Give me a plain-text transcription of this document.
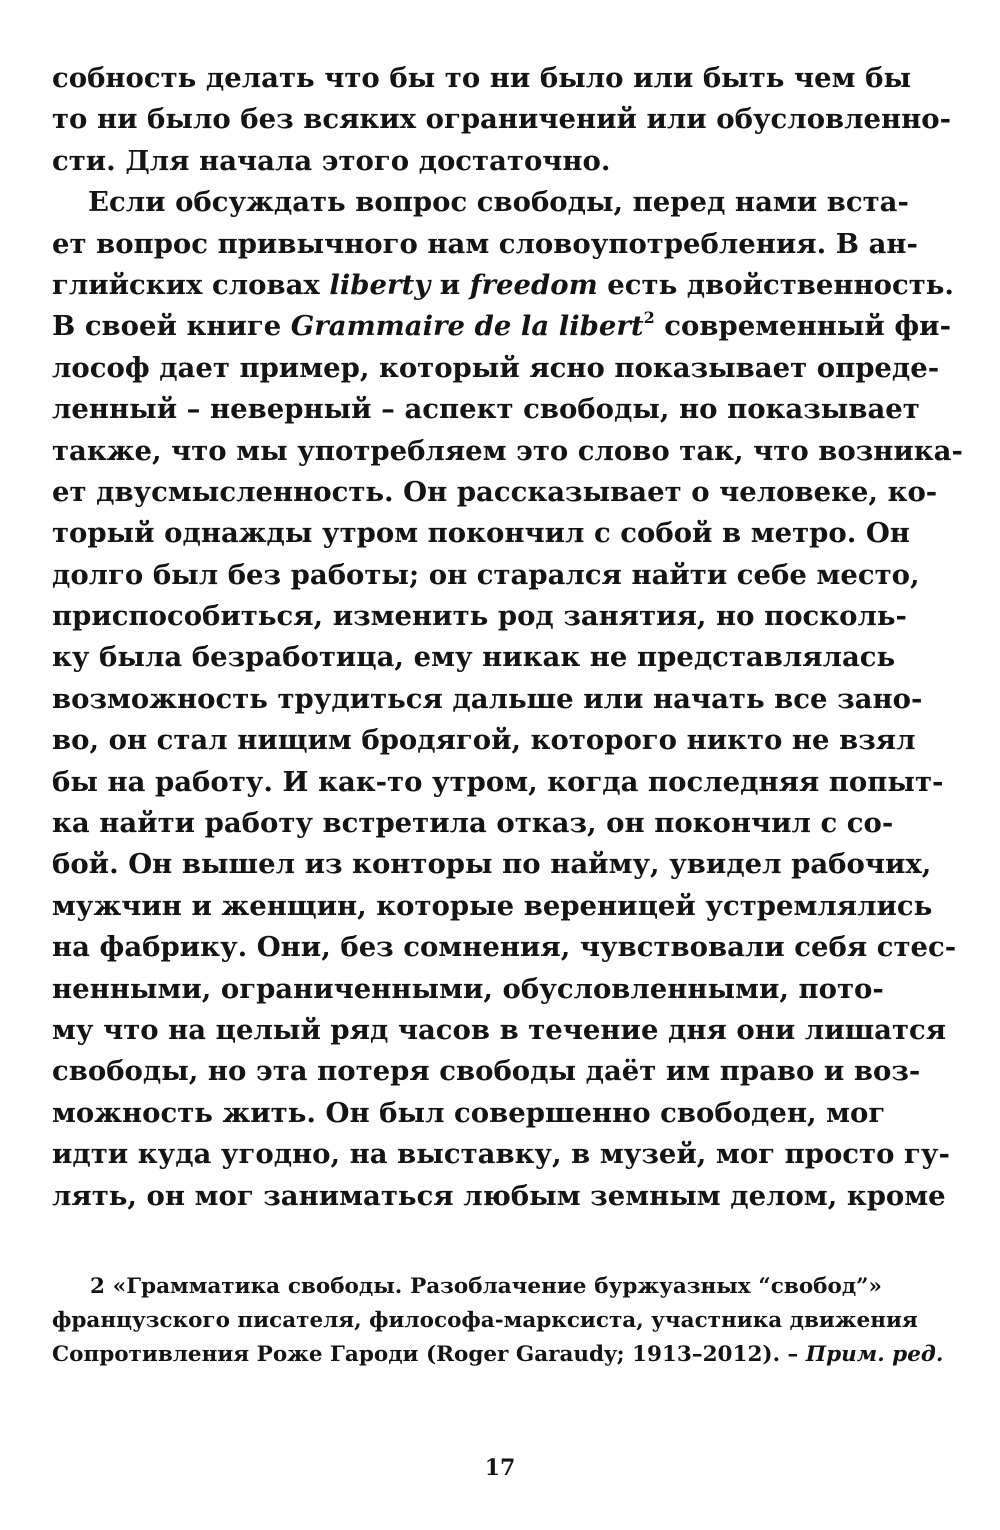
собность делать что бы то ни было или быть чем бы
то ни было без всяких ограничений или обусловленно-
сти. Для начала этого достаточно.
Если обсуждать вопрос свободы, перед нами вста-
ет вопрос привычного нам словоупотребления. В ан-
глийских словах liberty и freedom есть двойственность.
В своей книге Grammaire de la libert$^2$ современный фи-
лософ дает пример, который ясно показывает опреде-
ленный – неверный – аспект свободы, но показывает
также, что мы употребляем это слово так, что возника-
ет двусмысленность. Он рассказывает о человеке, ко-
торый однажды утром покончил с собой в метро. Он
долго был без работы; он старался найти себе место,
приспособиться, изменить род занятия, но посколь-
ку была безработица, ему никак не представлялась
возможность трудиться дальше или начать все зано-
во, он стал нищим бродягой, которого никто не взял
бы на работу. И как-то утром, когда последняя попыт-
ка найти работу встретила отказ, он покончил с со-
бой. Он вышел из конторы по найму, увидел рабочих,
мужчин и женщин, которые вереницей устремлялись
на фабрику. Они, без сомнения, чувствовали себя стес-
ненными, ограниченными, обусловленными, пото-
му что на целый ряд часов в течение дня они лишатся
свободы, но эта потеря свободы даёт им право и воз-
можность жить. Он был совершенно свободен, мог
идти куда угодно, на выставку, в музей, мог просто гу-
лять, он мог заниматься любым земным делом, кроме
2 «Грамматика свободы. Разоблачение буржуазных “свобод”»
французского писателя, философа-марксиста, участника движения
Сопротивления Роже Гароди (Roger Garaudy; 1913–2012). – Прим. ред.
17
